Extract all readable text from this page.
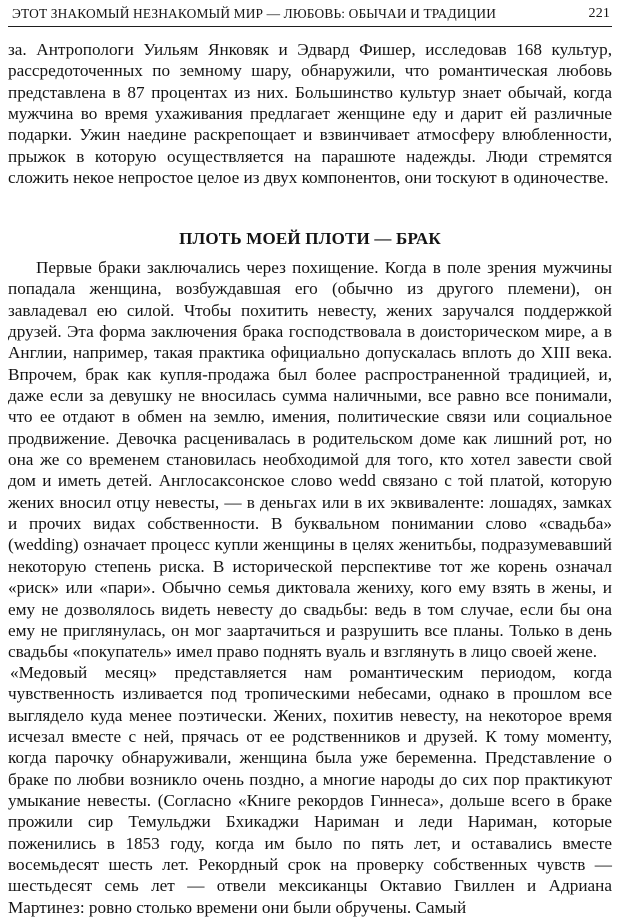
ЭТОТ ЗНАКОМЫЙ НЕЗНАКОМЫЙ МИР — ЛЮБОВЬ: ОБЫЧАИ И ТРАДИЦИИ	221

за. Антропологи Уильям Янковяк и Эдвард Фишер, исследовав 168 культур, рассредоточенных по земному шару, обнаружили, что романтическая любовь представлена в 87 процентах из них. Большинство культур знает обычай, когда мужчина во время ухаживания предлагает женщине еду и дарит ей различные подарки. Ужин наедине раскрепощает и взвинчивает атмосферу влюбленности, прыжок в которую осуществляется на парашюте надежды. Люди стремятся сложить некое непростое целое из двух компонентов, они тоскуют в одиночестве.

ПЛОТЬ МОЕЙ ПЛОТИ — БРАК

Первые браки заключались через похищение. Когда в поле зрения мужчины попадала женщина, возбуждавшая его (обычно из другого племени), он завладевал ею силой. Чтобы похитить невесту, жених заручался поддержкой друзей. Эта форма заключения брака господствовала в доисторическом мире, а в Англии, например, такая практика официально допускалась вплоть до XIII века. Впрочем, брак как купля-продажа был более распространенной традицией, и, даже если за девушку не вносилась сумма наличными, все равно все понимали, что ее отдают в обмен на землю, имения, политические связи или социальное продвижение. Девочка расценивалась в родительском доме как лишний рот, но она же со временем становилась необходимой для того, кто хотел завести свой дом и иметь детей. Англосаксонское слово wedd связано с той платой, которую жених вносил отцу невесты, — в деньгах или в их эквиваленте: лошадях, замках и прочих видах собственности. В буквальном понимании слово «свадьба» (wedding) означает процесс купли женщины в целях женитьбы, подразумевавший некоторую степень риска. В исторической перспективе тот же корень означал «риск» или «пари». Обычно семья диктовала жениху, кого ему взять в жены, и ему не дозволялось видеть невесту до свадьбы: ведь в том случае, если бы она ему не приглянулась, он мог заартачиться и разрушить все планы. Только в день свадьбы «покупатель» имел право поднять вуаль и взглянуть в лицо своей жене.

«Медовый месяц» представляется нам романтическим периодом, когда чувственность изливается под тропическими небесами, однако в прошлом все выглядело куда менее поэтически. Жених, похитив невесту, на некоторое время исчезал вместе с ней, прячась от ее родственников и друзей. К тому моменту, когда парочку обнаруживали, женщина была уже беременна. Представление о браке по любви возникло очень поздно, а многие народы до сих пор практикуют умыкание невесты. (Согласно «Книге рекордов Гиннеса», дольше всего в браке прожили сир Темульджи Бхикаджи Нариман и леди Нариман, которые поженились в 1853 году, когда им было по пять лет, и оставались вместе восемьдесят шесть лет. Рекордный срок на проверку собственных чувств — шестьдесят семь лет — отвели мексиканцы Октавио Гвиллен и Адриана Мартинез: ровно столько времени они были обручены. Самый
